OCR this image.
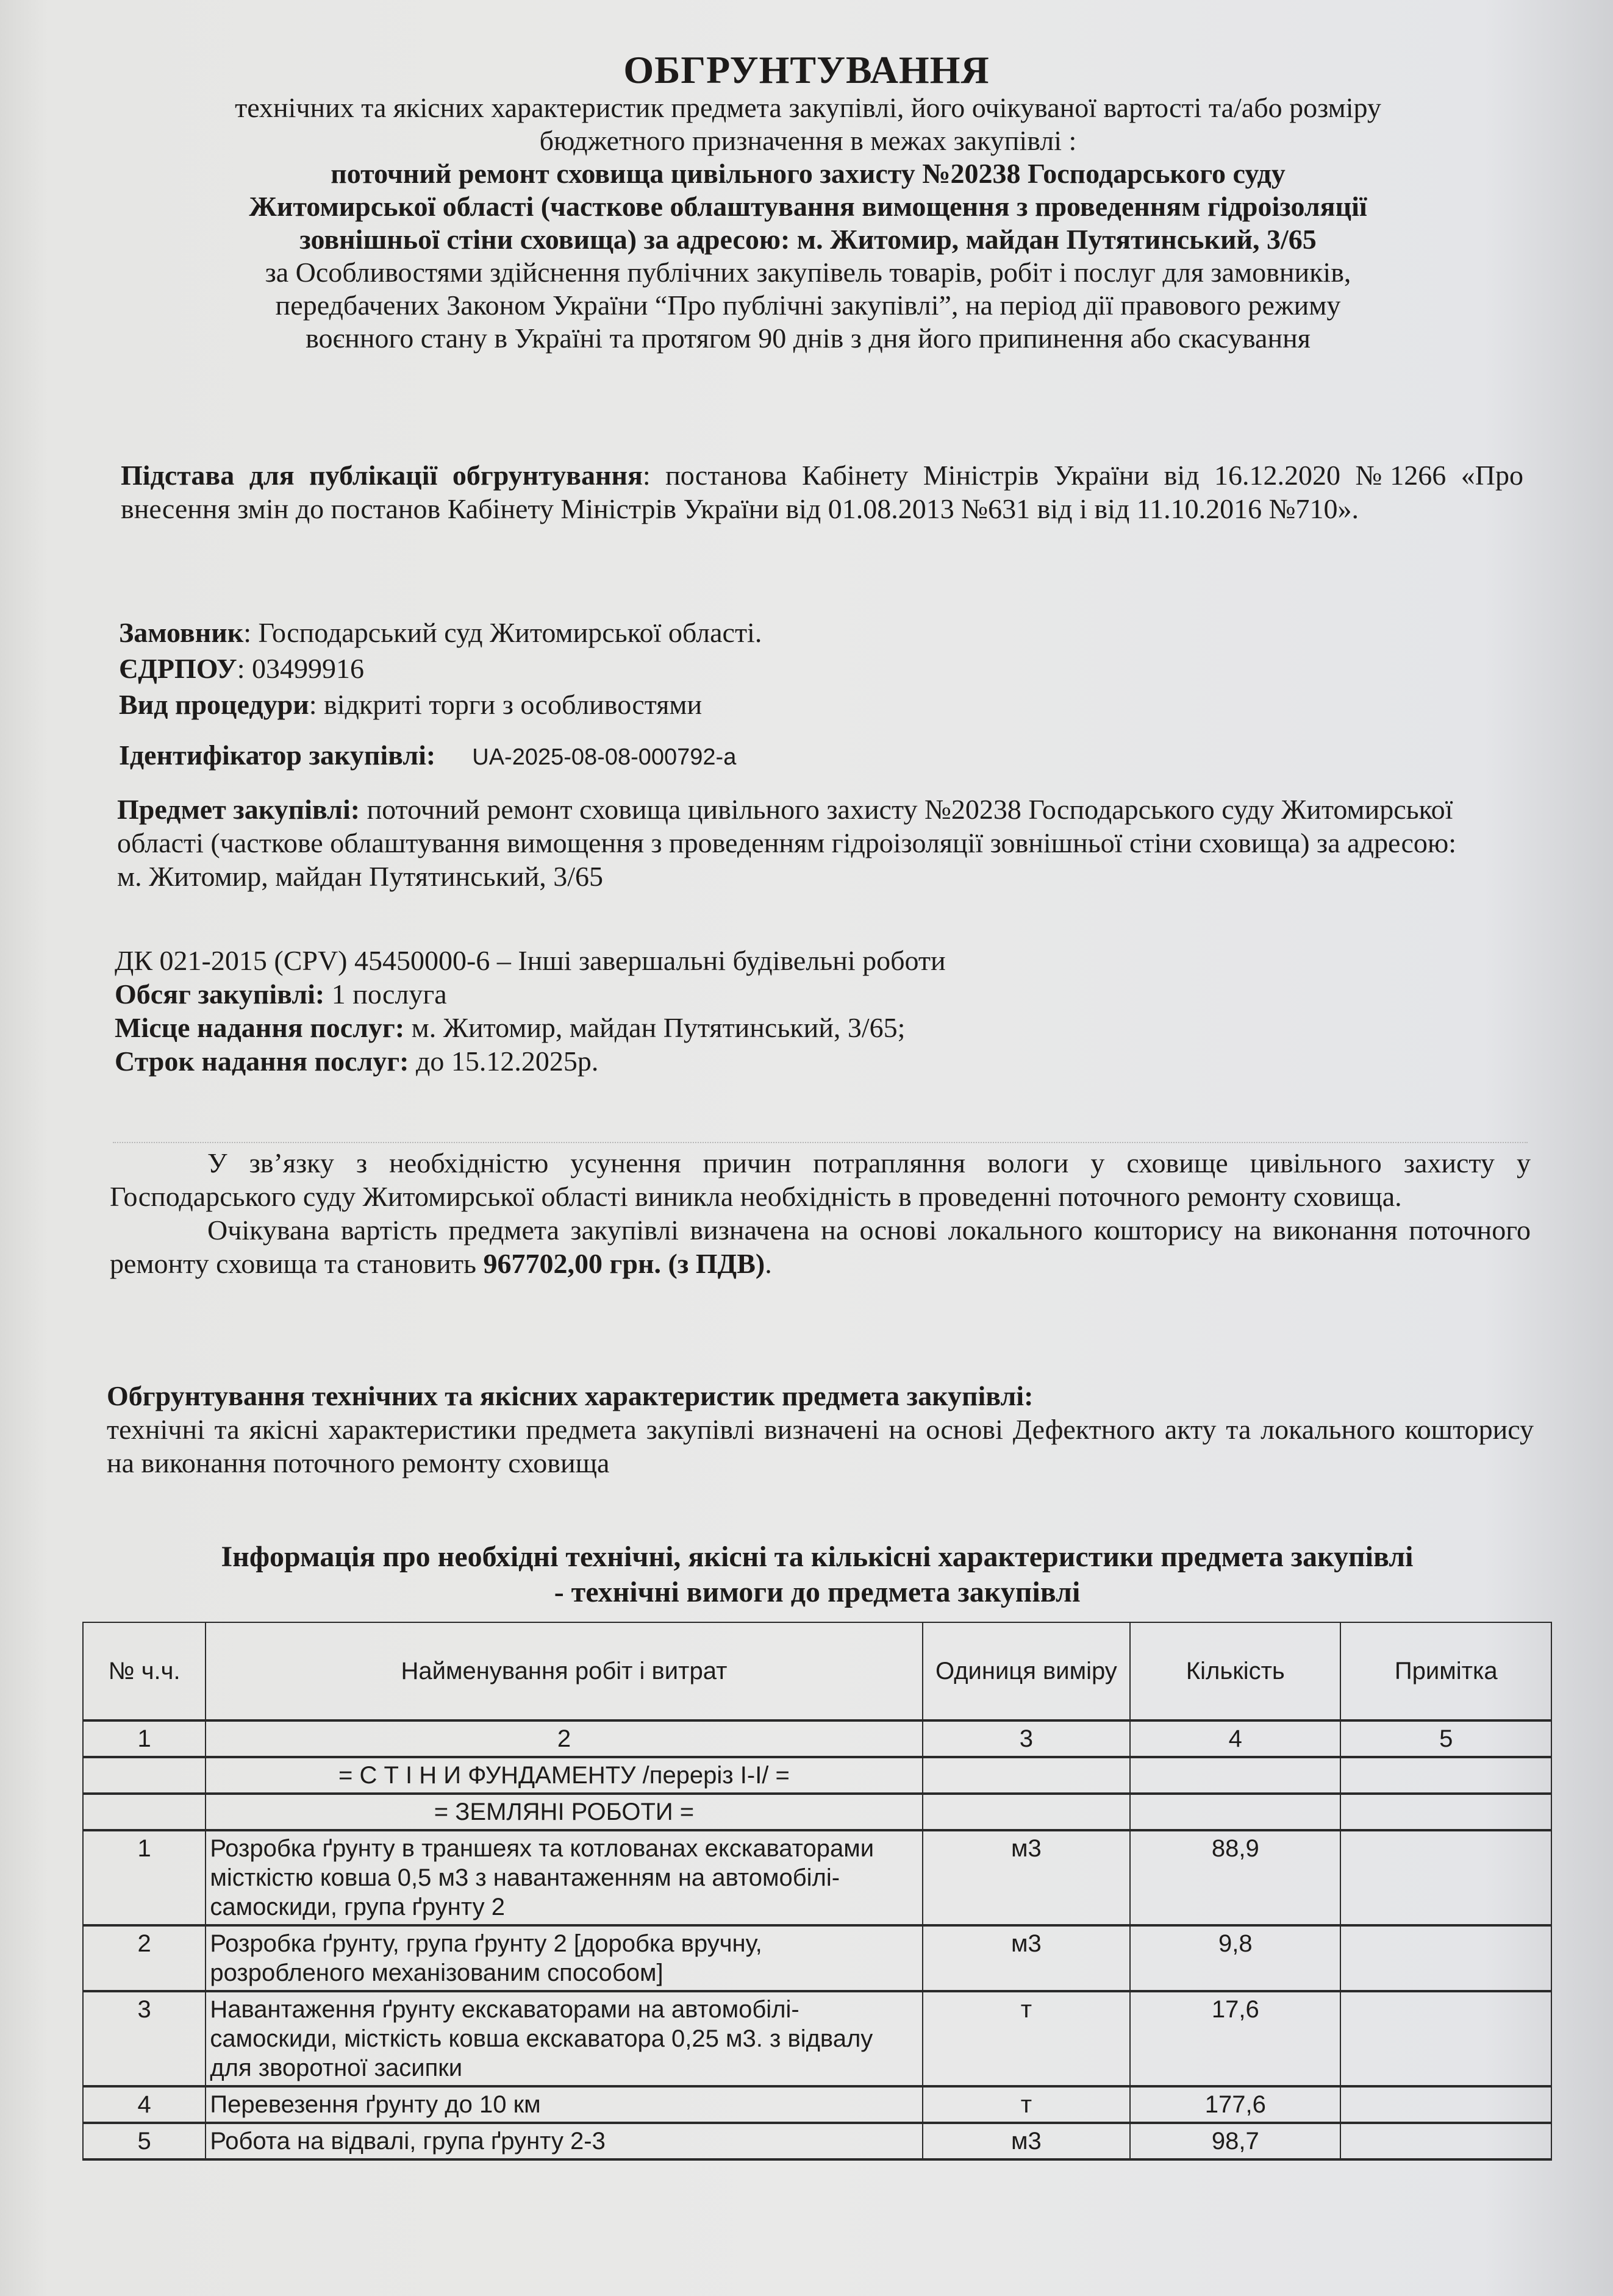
ОБГРУНТУВАННЯ
технічних та якісних характеристик предмета закупівлі, його очікуваної вартості та/або розміру
бюджетного призначення в межах закупівлі :
поточний ремонт сховища цивільного захисту №20238 Господарського суду
Житомирської області (часткове облаштування вимощення з проведенням гідроізоляції
зовнішньої стіни сховища) за адресою: м. Житомир, майдан Путятинський, 3/65
за Особливостями здійснення публічних закупівель товарів, робіт і послуг для замовників,
передбачених Законом України “Про публічні закупівлі”, на період дії правового режиму
воєнного стану в Україні та протягом 90 днів з дня його припинення або скасування
Підстава для публікації обгрунтування: постанова Кабінету Міністрів України від 16.12.2020 №1266 «Про внесення змін до постанов Кабінету Міністрів України від 01.08.2013 №631 від і від 11.10.2016 №710».
Замовник: Господарський суд Житомирської області.
ЄДРПОУ: 03499916
Вид процедури: відкриті торги з особливостями
Ідентифікатор закупівлі: UA-2025-08-08-000792-a
Предмет закупівлі: поточний ремонт сховища цивільного захисту №20238 Господарського суду Житомирської області (часткове облаштування вимощення з проведенням гідроізоляції зовнішньої стіни сховища) за адресою: м. Житомир, майдан Путятинський, 3/65
ДК 021-2015 (CPV) 45450000-6 – Інші завершальні будівельні роботи
Обсяг закупівлі: 1 послуга
Місце надання послуг: м. Житомир, майдан Путятинський, 3/65;
Строк надання послуг: до 15.12.2025р.

У зв’язку з необхідністю усунення причин потрапляння вологи у сховище цивільного захисту у Господарського суду Житомирської області виникла необхідність в проведенні поточного ремонту сховища.

Очікувана вартість предмета закупівлі визначена на основі локального кошторису на виконання поточного ремонту сховища та становить 967702,00 грн. (з ПДВ).

Обгрунтування технічних та якісних характеристик предмета закупівлі:
технічні та якісні характеристики предмета закупівлі визначені на основі Дефектного акту та локального кошторису на виконання поточного ремонту сховища
Інформація про необхідні технічні, якісні та кількісні характеристики предмета закупівлі
- технічні вимоги до предмета закупівлі
№ ч.ч.	Найменування робіт і витрат	Одиниця виміру	Кількість	Примітка
1	2	3	4	5
	= С Т І Н И ФУНДАМЕНТУ /переріз І-І/ =			
	= ЗЕМЛЯНІ РОБОТИ =			
1	Розробка ґрунту в траншеях та котлованах екскаваторами місткістю ковша 0,5 м3 з навантаженням на автомобілі-самоскиди, група ґрунту 2	м3	88,9	
2	Розробка ґрунту, група ґрунту 2 [доробка вручну, розробленого механізованим способом]	м3	9,8	
3	Навантаження ґрунту екскаваторами на автомобілі-самоскиди, місткість ковша екскаватора 0,25 м3. з відвалу для зворотної засипки	т	17,6	
4	Перевезення ґрунту до 10 км	т	177,6	
5	Робота на відвалі, група ґрунту 2-3	м3	98,7	
